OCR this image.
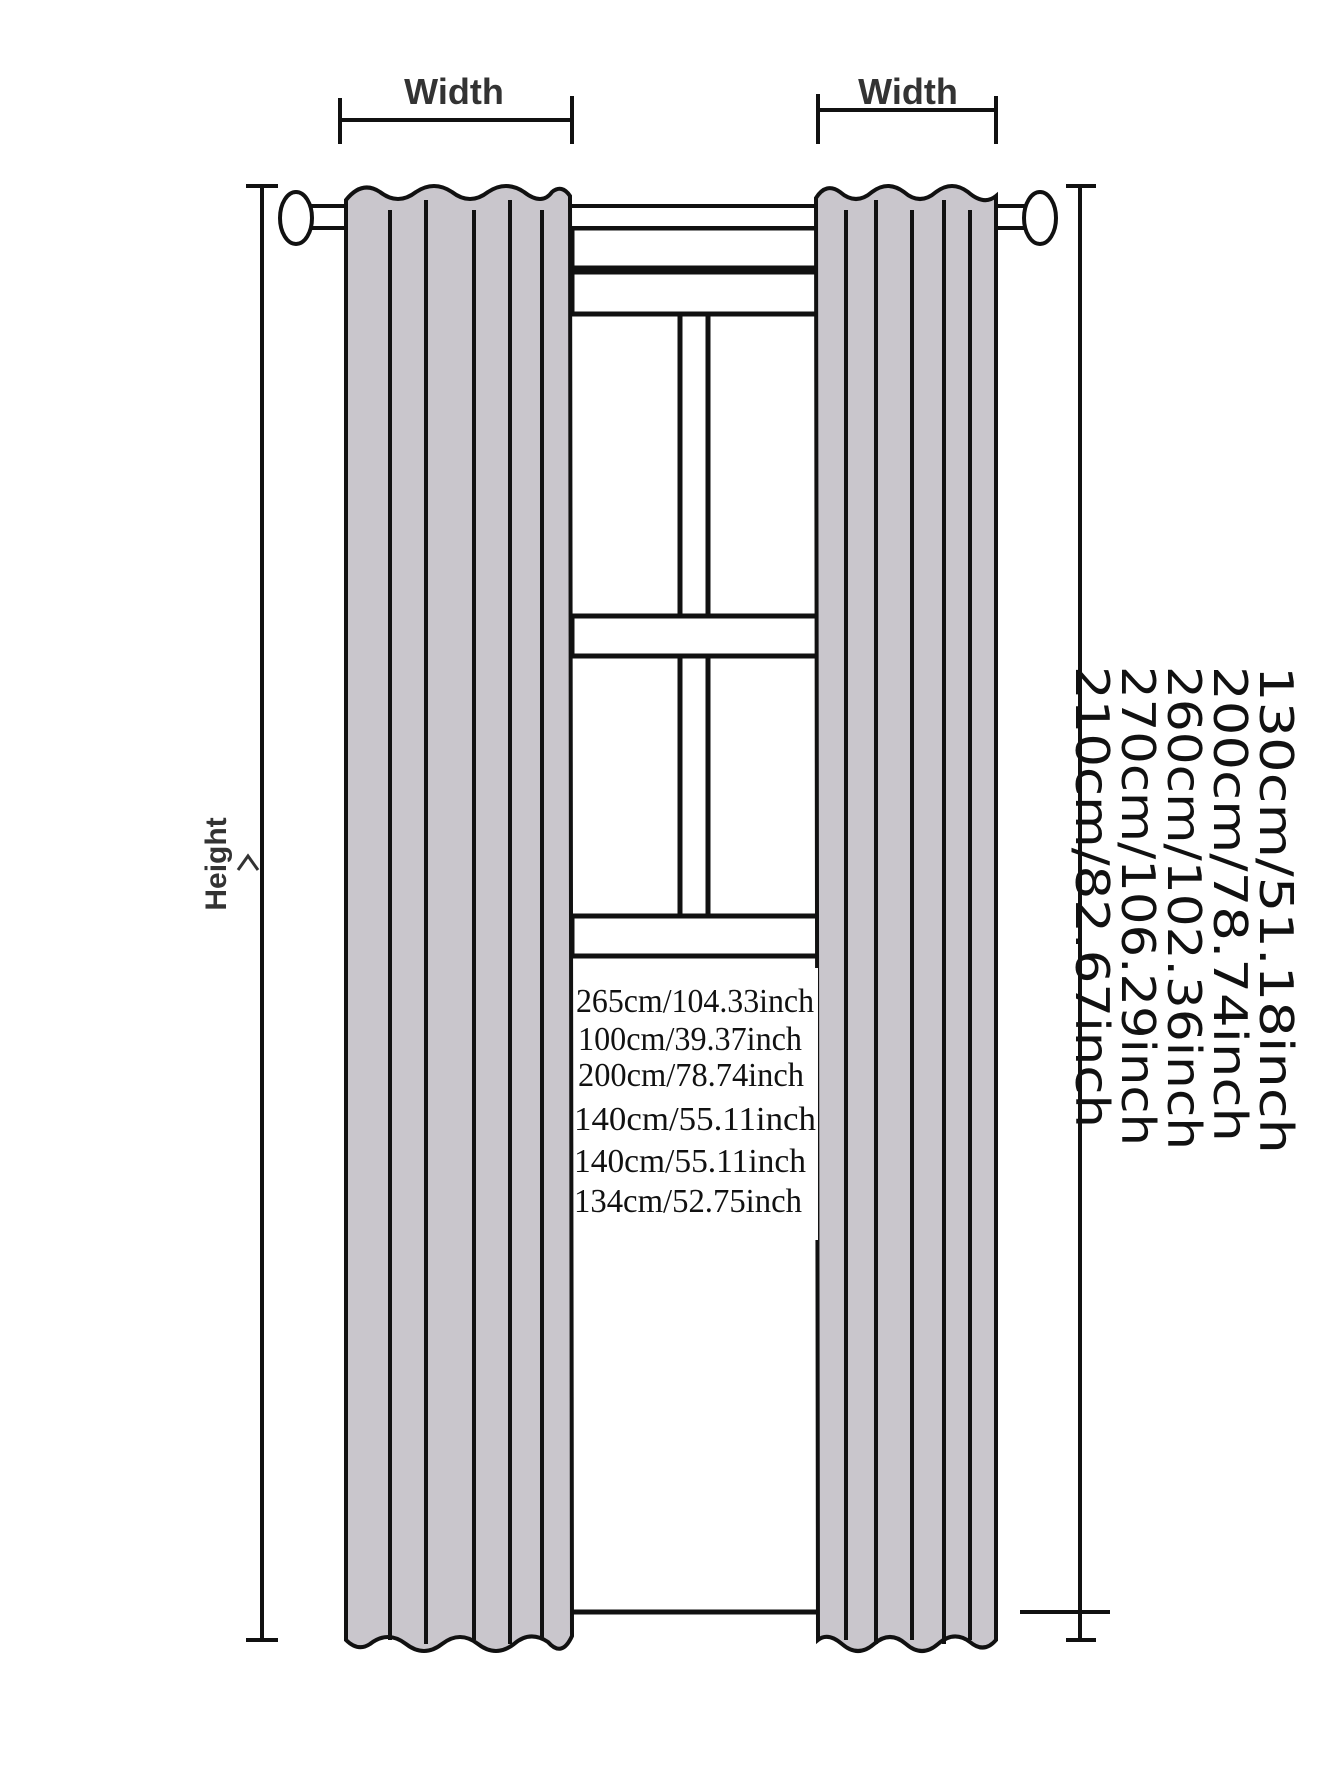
Width	Width
Height
265cm/104.33inch
100cm/39.37inch
200cm/78.74inch
140cm/55.11inch
140cm/55.11inch
134cm/52.75inch
130cm/51.18inch
200cm/78.74inch
260cm/102.36inch
270cm/106.29inch
210cm/82.67inch
